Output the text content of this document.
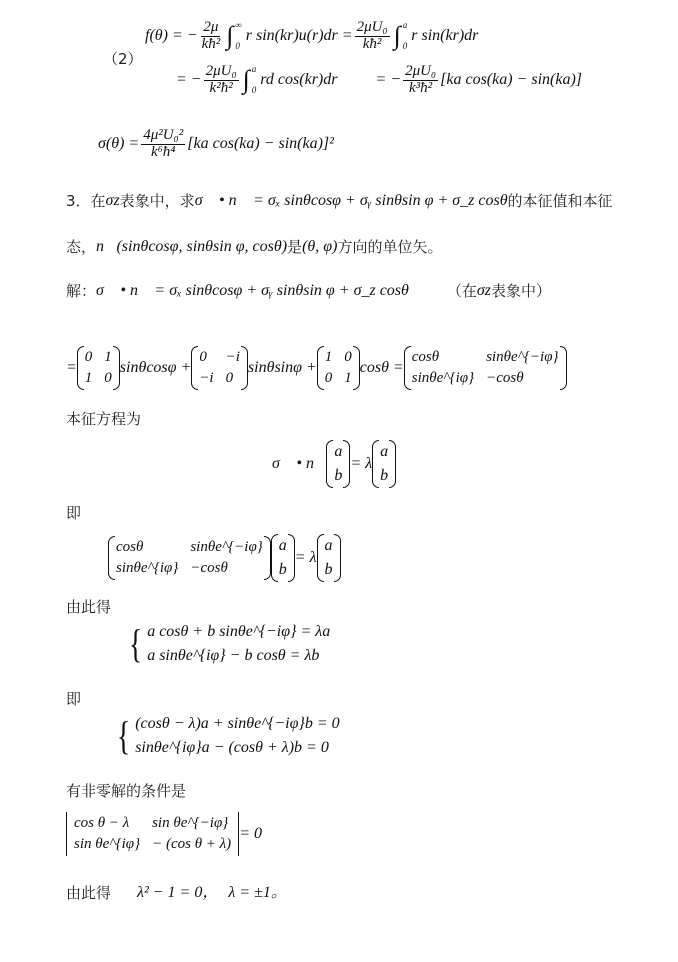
（2）
f(θ) = − $\frac{2\mu}{\text{kħ²}}$ ∫ ∞
0
r $\sin(kr)u(r)dr = \frac{\text{2μU₀}}{\text{kħ²}}$ ∫ a
0
r sin(kr)dr
= − $\frac{\text{2μU₀}}{\text{k²ħ²}}$ ∫ a
0
rd cos(kr)dr = − $\frac{\text{2μU₀}}{\text{k³ħ²}} [ka$ cos(ka) − sin(ka)]
$\sigma(\theta) = \frac{\text{4μ²U₀²}}{\text{k⁶ħ⁴}} [ka$ cos(ka) − sin(ka)]²
3．在 σ z 表象中，求 σ⃗ • n⃗ = σₓ sinθcosφ + σᵧ sinθsin φ + σ_z cosθ 的本征值和本征
态， n⃗(sinθcosφ, sinθsin φ, cosθ) 是 (θ, φ) 方向的单位矢。
解： σ⃗ • n⃗ = σₓ sinθcosφ + σᵧ sinθsin φ + σ_z cosθ	（在 σ z 表象中）
=
0 1
1 0
sinθcosφ +
0	−i
−i 0
sinθsinφ +
1 0
0 1
cosθ =
cosθ	sinθe^{−iφ}
sinθe^{iφ} −cosθ
本征方程为
σ⃗ • n⃗
a
b
= λ
a
b
即
cosθ	sinθe^{−iφ}
sinθe^{iφ} −cosθ
a
b
= λ
a
b
由此得
{ a cosθ + b sinθe^{−iφ} = λa
a sinθe^{iφ} − b cosθ = λb
即
{ (cosθ − λ)a + sinθe^{−iφ}b = 0
sinθe^{iφ}a − (cosθ + λ)b = 0
有非零解的条件是
cos θ − λ	sin θe^{−iφ}
sin θe^{iφ} − (cos θ + λ)
= 0
由此得 λ² − 1 = 0， λ = ±1。
